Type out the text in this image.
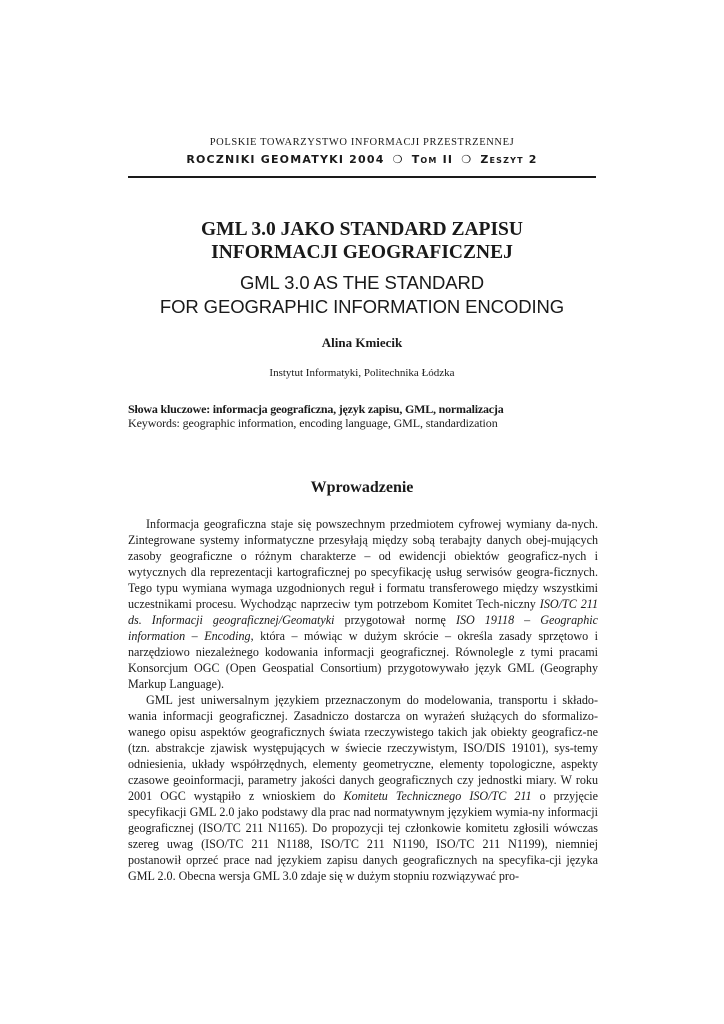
POLSKIE TOWARZYSTWO INFORMACJI PRZESTRZENNEJ
ROCZNIKI GEOMATYKI 2004 ❍ Tom II ❍ Zeszyt 2
GML 3.0 JAKO STANDARD ZAPISU
INFORMACJI GEOGRAFICZNEJ
GML 3.0 AS THE STANDARD
FOR GEOGRAPHIC INFORMATION ENCODING
Alina Kmiecik
Instytut Informatyki, Politechnika Łódzka
Słowa kluczowe: informacja geograficzna, język zapisu, GML, normalizacja
Keywords: geographic information, encoding language, GML, standardization
Wprowadzenie

Informacja geograficzna staje się powszechnym przedmiotem cyfrowej wymiany da-nych. Zintegrowane systemy informatyczne przesyłają między sobą terabajty danych obej-mujących zasoby geograficzne o różnym charakterze – od ewidencji obiektów geograficz-nych i wytycznych dla reprezentacji kartograficznej po specyfikację usług serwisów geogra-ficznych. Tego typu wymiana wymaga uzgodnionych reguł i formatu transferowego między wszystkimi uczestnikami procesu. Wychodząc naprzeciw tym potrzebom Komitet Tech-niczny ISO/TC 211 ds. Informacji geograficznej/Geomatyki przygotował normę ISO 19118 – Geographic information – Encoding, która – mówiąc w dużym skrócie – określa zasady sprzętowo i narzędziowo niezależnego kodowania informacji geograficznej. Równolegle z tymi pracami Konsorcjum OGC (Open Geospatial Consortium) przygotowywało język GML (Geography Markup Language).

GML jest uniwersalnym językiem przeznaczonym do modelowania, transportu i składo-wania informacji geograficznej. Zasadniczo dostarcza on wyrażeń służących do sformalizo-wanego opisu aspektów geograficznych świata rzeczywistego takich jak obiekty geograficz-ne (tzn. abstrakcje zjawisk występujących w świecie rzeczywistym, ISO/DIS 19101), sys-temy odniesienia, układy współrzędnych, elementy geometryczne, elementy topologiczne, aspekty czasowe geoinformacji, parametry jakości danych geograficznych czy jednostki miary. W roku 2001 OGC wystąpiło z wnioskiem do Komitetu Technicznego ISO/TC 211 o przyjęcie specyfikacji GML 2.0 jako podstawy dla prac nad normatywnym językiem wymia-ny informacji geograficznej (ISO/TC 211 N1165). Do propozycji tej członkowie komitetu zgłosili wówczas szereg uwag (ISO/TC 211 N1188, ISO/TC 211 N1190, ISO/TC 211 N1199), niemniej postanowił oprzeć prace nad językiem zapisu danych geograficznych na specyfika-cji języka GML 2.0. Obecna wersja GML 3.0 zdaje się w dużym stopniu rozwiązywać pro-
